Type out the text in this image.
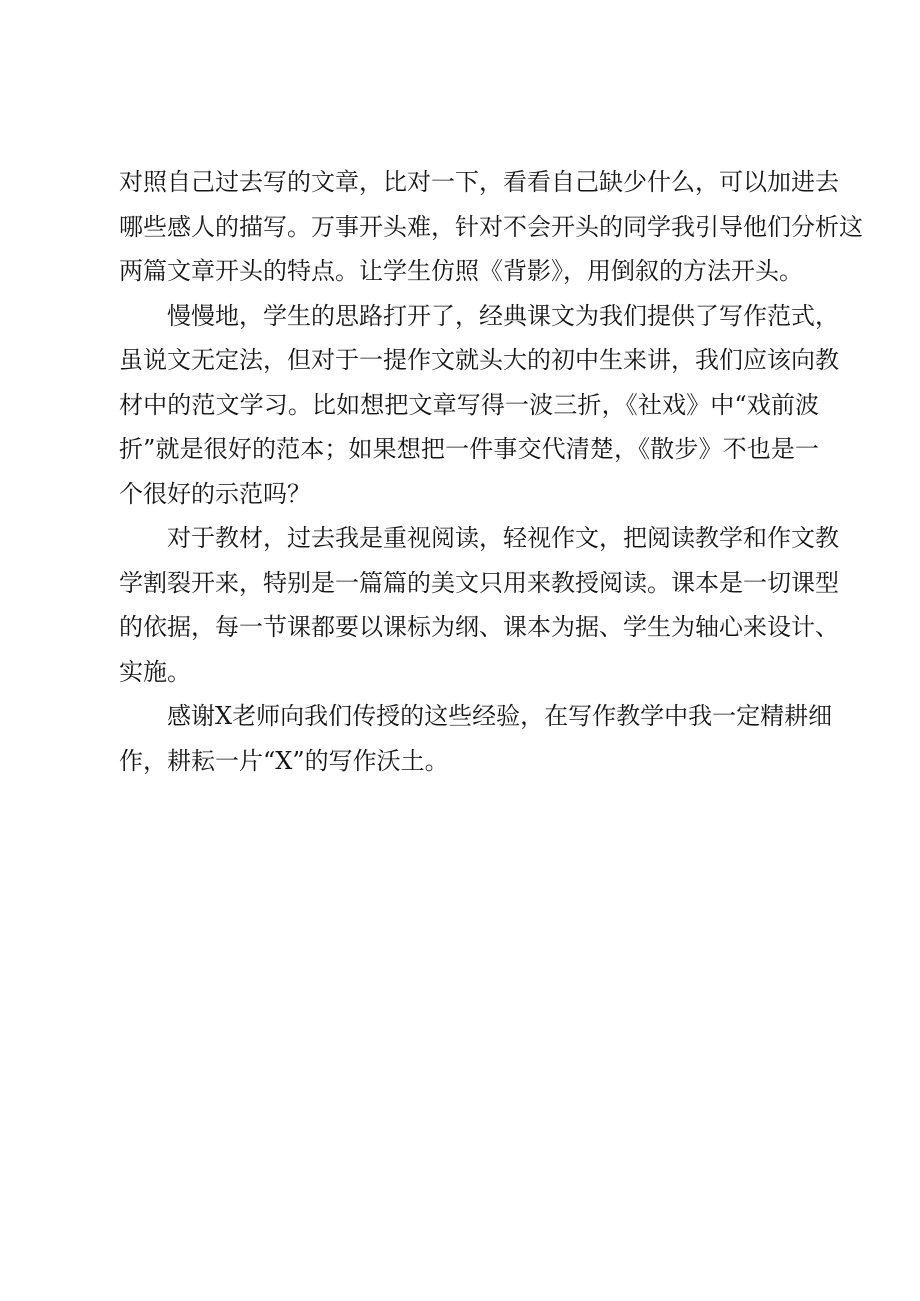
对照自己过去写的文章，比对一下，看看自己缺少什么，可以加进去
哪些感人的描写。万事开头难，针对不会开头的同学我引导他们分析这
两篇文章开头的特点。让学生仿照《背影》，用倒叙的方法开头。
慢慢地，学生的思路打开了，经典课文为我们提供了写作范式，
虽说文无定法，但对于一提作文就头大的初中生来讲，我们应该向教
材中的范文学习。比如想把文章写得一波三折，《社戏》中“戏前波
折”就是很好的范本；如果想把一件事交代清楚，《散步》不也是一
个很好的示范吗？
对于教材，过去我是重视阅读，轻视作文，把阅读教学和作文教
学割裂开来，特别是一篇篇的美文只用来教授阅读。课本是一切课型
的依据，每一节课都要以课标为纲、课本为据、学生为轴心来设计、
实施。
感谢X老师向我们传授的这些经验，在写作教学中我一定精耕细
作，耕耘一片“X”的写作沃土。
